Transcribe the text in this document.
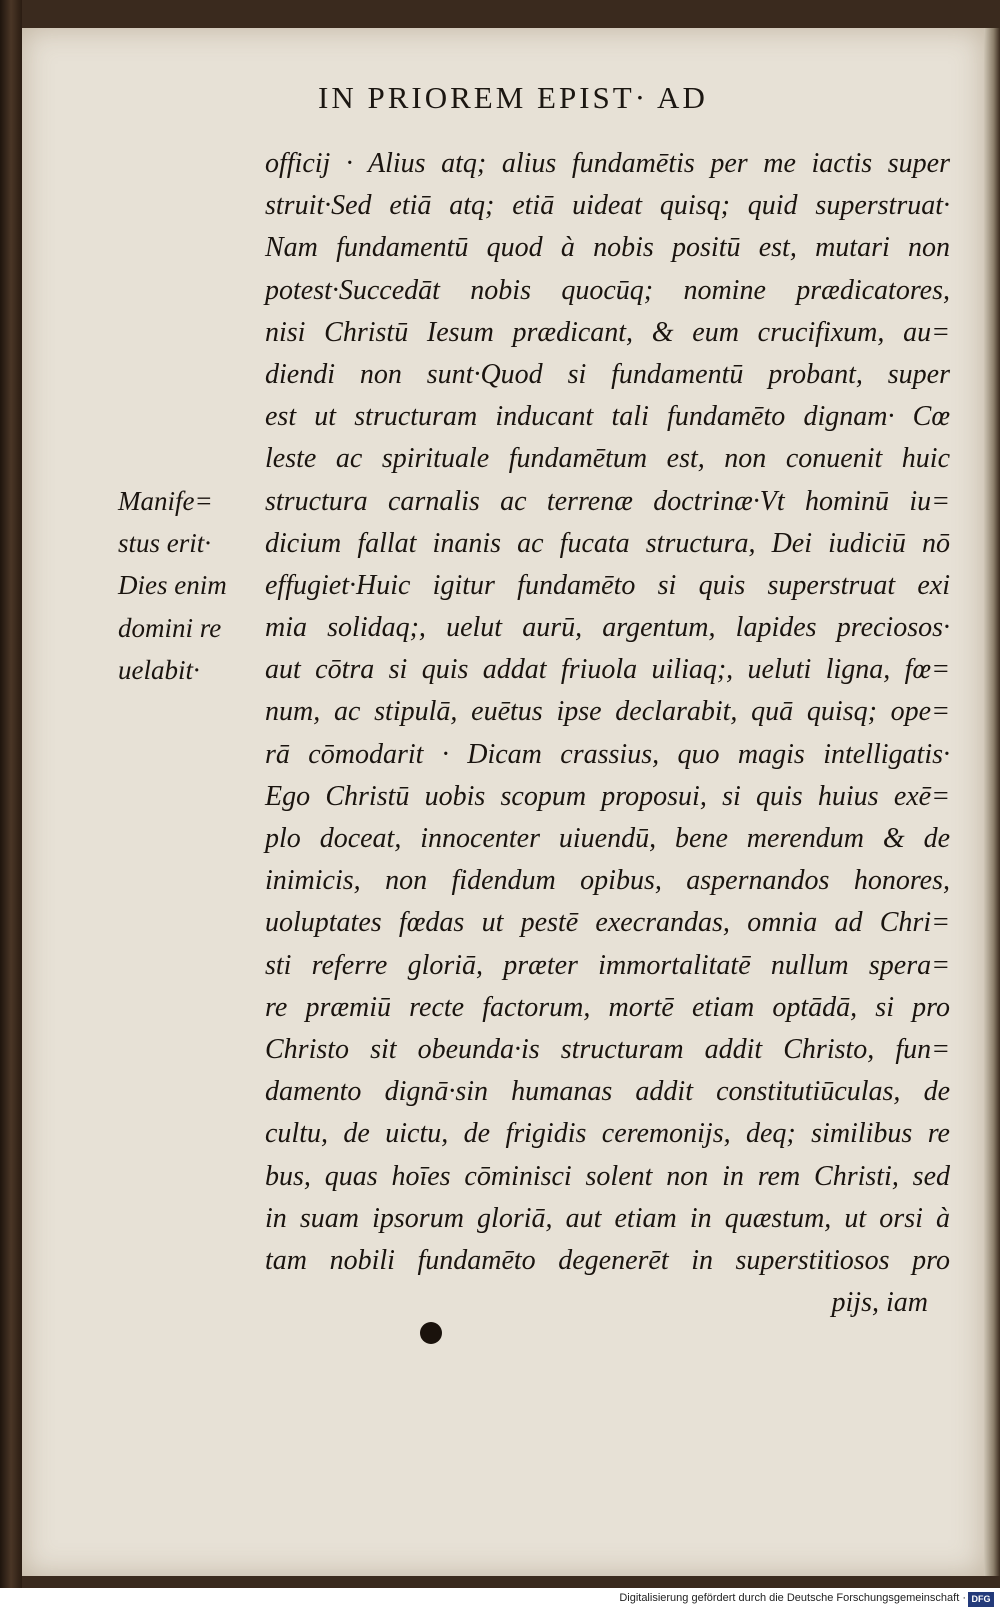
IN PRIOREM EPIST· AD
Manife=
stus erit·
Dies enim
domini re
uelabit·
officij · Alius atq; alius fundamētis per me iactis super
struit·Sed etiā atq; etiā uideat quisq; quid superstruat·
Nam fundamentū quod à nobis positū est, mutari non
potest·Succedāt nobis quocūq; nomine prædicatores,
nisi Christū Iesum prædicant, & eum crucifixum, au=
diendi non sunt·Quod si fundamentū probant, super
est ut structuram inducant tali fundamēto dignam· Cœ
leste ac spirituale fundamētum est, non conuenit huic
structura carnalis ac terrenæ doctrinæ·Vt hominū iu=
dicium fallat inanis ac fucata structura, Dei iudiciū nō
effugiet·Huic igitur fundamēto si quis superstruat exi
mia solidaq;, uelut aurū, argentum, lapides preciosos·
aut cōtra si quis addat friuola uiliaq;, ueluti ligna, fœ=
num, ac stipulā, euētus ipse declarabit, quā quisq; ope=
rā cōmodarit · Dicam crassius, quo magis intelligatis·
Ego Christū uobis scopum proposui, si quis huius exē=
plo doceat, innocenter uiuendū, bene merendum & de
inimicis, non fidendum opibus, aspernandos honores,
uoluptates fœdas ut pestē execrandas, omnia ad Chri=
sti referre gloriā, præter immortalitatē nullum spera=
re præmiū recte factorum, mortē etiam optādā, si pro
Christo sit obeunda·is structuram addit Christo, fun=
damento dignā·sin humanas addit constitutiūculas, de
cultu, de uictu, de frigidis ceremonijs, deq; similibus re
bus, quas hoīes cōminisci solent non in rem Christi, sed
in suam ipsorum gloriā, aut etiam in quæstum, ut orsi à
tam nobili fundamēto degenerēt in superstitiosos pro
pijs, iam
Digitalisierung gefördert durch die Deutsche Forschungsgemeinschaft · DFG
